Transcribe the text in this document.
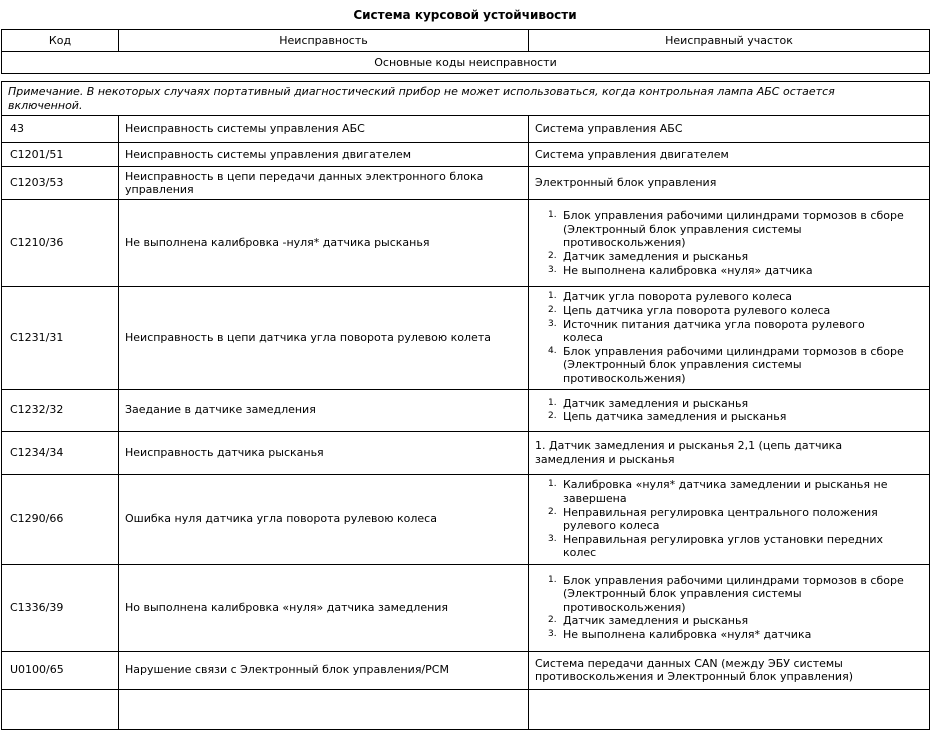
Система курсовой устойчивости
Код	Неисправность	Неисправный участок
Основные коды неисправности
Примечание. В некоторых случаях портативный диагностический прибор не может использоваться, когда контрольная лампа АБС остается включенной.		
43	Неисправность системы управления АБС	Система управления АБС
C1201/51	Неисправность системы управления двигателем	Система управления двигателем
C1203/53	Неисправность в цепи передачи данных электронного блока управления	Электронный блок управления
C1210/36	Не выполнена калибровка -нуля* датчика рысканья	Блок управления рабочими цилиндрами тормозов в сборе (Электронный блок управления системы противоскольжения)
Датчик замедления и рысканья
Не выполнена калибровка «нуля» датчика

C1231/31	Неисправность в цепи датчика угла поворота рулевою колета	Датчик угла поворота рулевого колеса
Цепь датчика угла поворота рулевого колеса
Источник питания датчика угла поворота рулевого колеса
Блок управления рабочими цилиндрами тормозов в сборе (Электронный блок управления системы противоскольжения)

C1232/32	Заедание в датчике замедления	Датчик замедления и рысканья
Цепь датчика замедления и рысканья

C1234/34	Неисправность датчика рысканья	1. Датчик замедления и рысканья 2,1 (цепь датчика замедления и рысканья
C1290/66	Ошибка нуля датчика угла поворота рулевою колеса	Калибровка «нуля* датчика замедлении и рысканья не завершена
Неправильная регулировка центрального положения рулевого колеса
Неправильная регулировка углов установки передних колес

C1336/39	Но выполнена калибровка «нуля» датчика замедления	Блок управления рабочими цилиндрами тормозов в сборе (Электронный блок управления системы противоскольжения)
Датчик замедления и рысканья
Не выполнена калибровка «нуля* датчика

U0100/65	Нарушение связи с Электронный блок управления/PCM	Система передачи данных CAN (между ЭБУ системы противоскольжения и Электронный блок управления)
